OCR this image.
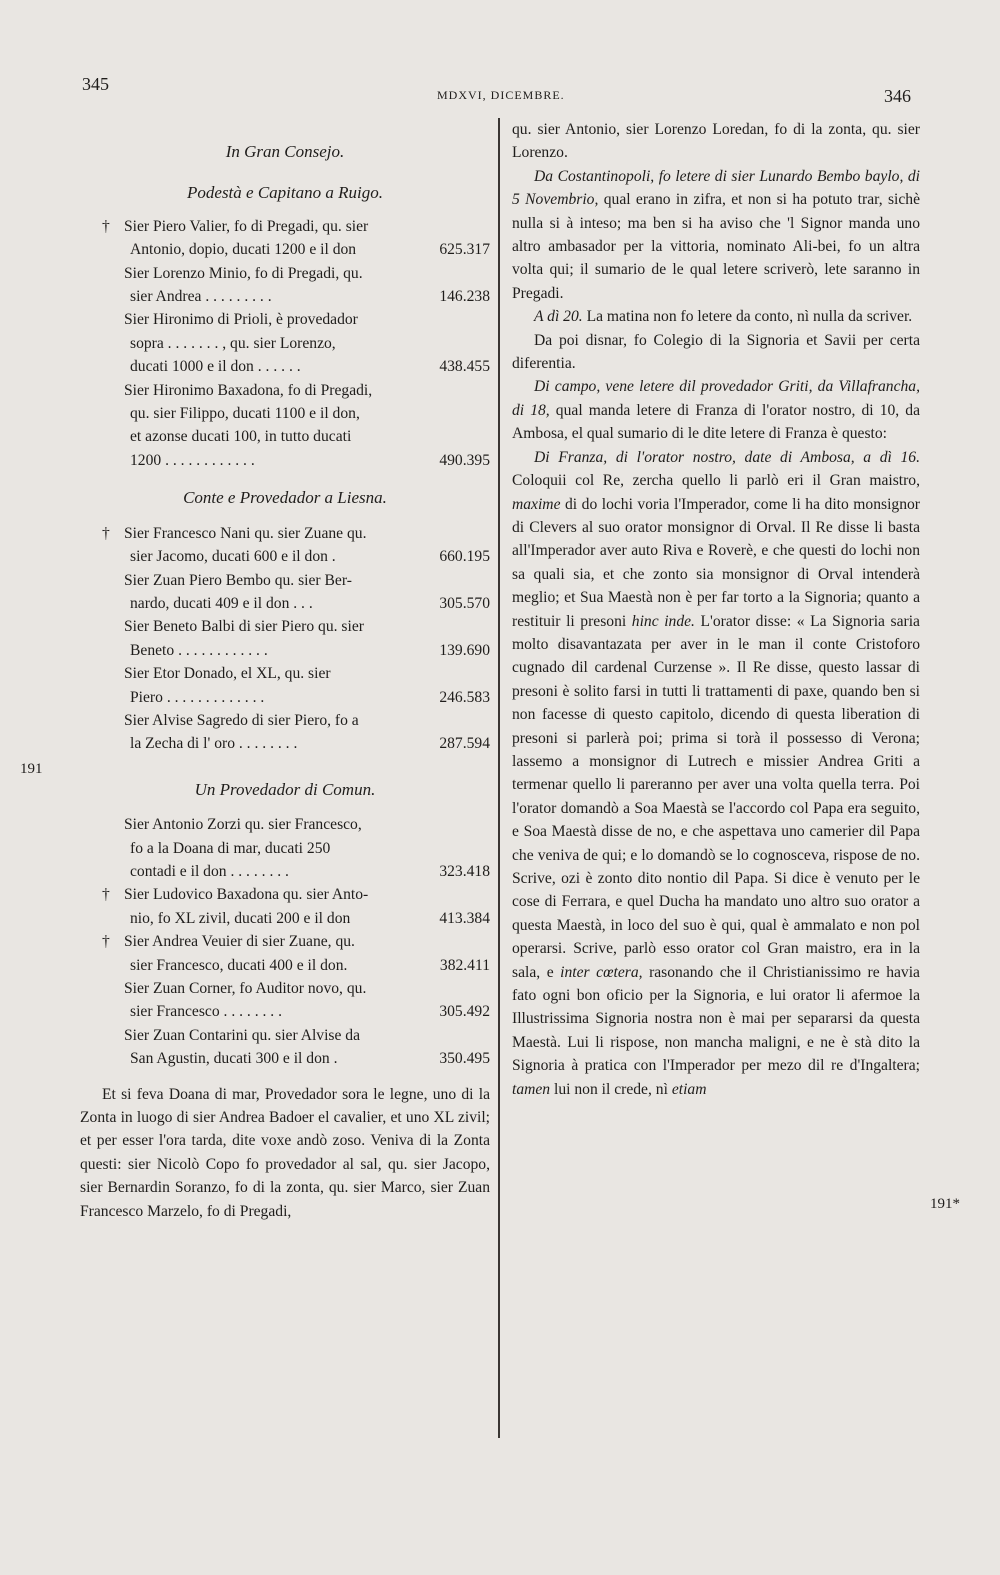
345
MDXVI, DICEMBRE.	346
191
191*

In Gran Consejo.

Podestà e Capitano a Ruigo.

† Sier Piero Valier, fo di Pregadi, qu. sier
Antonio, dopio, ducati 1200 e il don	625.317

Sier Lorenzo Minio, fo di Pregadi, qu.
sier Andrea . . . . . . . . .	146.238

Sier Hironimo di Prioli, è provedador
sopra . . . . . . . , qu. sier Lorenzo,
ducati 1000 e il don . . . . . .	438.455

Sier Hironimo Baxadona, fo di Pregadi,
qu. sier Filippo, ducati 1100 e il don,
et azonse ducati 100, in tutto ducati
1200 . . . . . . . . . . . .	490.395

Conte e Provedador a Liesna.

† Sier Francesco Nani qu. sier Zuane qu.
sier Jacomo, ducati 600 e il don .	660.195

Sier Zuan Piero Bembo qu. sier Ber-
nardo, ducati 409 e il don . . .	305.570

Sier Beneto Balbi di sier Piero qu. sier
Beneto . . . . . . . . . . . .	139.690

Sier Etor Donado, el XL, qu. sier
Piero . . . . . . . . . . . . .	246.583

Sier Alvise Sagredo di sier Piero, fo a
la Zecha di l' oro . . . . . . . .	287.594

Un Provedador di Comun.

Sier Antonio Zorzi qu. sier Francesco,
fo a la Doana di mar, ducati 250
contadi e il don . . . . . . . .	323.418

† Sier Ludovico Baxadona qu. sier Anto-
nio, fo XL zivil, ducati 200 e il don	413.384

† Sier Andrea Veuier di sier Zuane, qu.
sier Francesco, ducati 400 e il don.	382.411

Sier Zuan Corner, fo Auditor novo, qu.
sier Francesco . . . . . . . .	305.492

Sier Zuan Contarini qu. sier Alvise da
San Agustin, ducati 300 e il don .	350.495

Et si feva Doana di mar, Provedador sora le legne, uno di la Zonta in luogo di sier Andrea Badoer el cavalier, et uno XL zivil; et per esser l'ora tarda, dite voxe andò zoso. Veniva di la Zonta questi: sier Nicolò Copo fo provedador al sal, qu. sier Jacopo, sier Bernardin Soranzo, fo di la zonta, qu. sier Marco, sier Zuan Francesco Marzelo, fo di Pregadi,

qu. sier Antonio, sier Lorenzo Loredan, fo di la zonta, qu. sier Lorenzo.

Da Costantinopoli, fo letere di sier Lunardo Bembo baylo, di 5 Novembrio, qual erano in zifra, et non si ha potuto trar, sichè nulla si à inteso; ma ben si ha aviso che 'l Signor manda uno altro ambasador per la vittoria, nominato Ali-bei, fo un altra volta qui; il sumario de le qual letere scriverò, lete saranno in Pregadi.

A dì 20. La matina non fo letere da conto, nì nulla da scriver.

Da poi disnar, fo Colegio di la Signoria et Savii per certa diferentia.

Di campo, vene letere dil provedador Griti, da Villafrancha, di 18, qual manda letere di Franza di l'orator nostro, di 10, da Ambosa, el qual sumario di le dite letere di Franza è questo:

Di Franza, di l'orator nostro, date di Ambosa, a dì 16. Coloquii col Re, zercha quello li parlò eri il Gran maistro, maxime di do lochi voria l'Imperador, come li ha dito monsignor di Clevers al suo orator monsignor di Orval. Il Re disse li basta all'Imperador aver auto Riva e Roverè, e che questi do lochi non sa quali sia, et che zonto sia monsignor di Orval intenderà meglio; et Sua Maestà non è per far torto a la Signoria; quanto a restituir li presoni hinc inde. L'orator disse: « La Signoria saria molto disavantazata per aver in le man il conte Cristoforo cugnado dil cardenal Curzense ». Il Re disse, questo lassar di presoni è solito farsi in tutti li trattamenti di paxe, quando ben si non facesse di questo capitolo, dicendo di questa liberation di presoni si parlerà poi; prima si torà il possesso di Verona; lassemo a monsignor di Lutrech e missier Andrea Griti a termenar quello li pareranno per aver una volta quella terra. Poi l'orator domandò a Soa Maestà se l'accordo col Papa era seguito, e Soa Maestà disse de no, e che aspettava uno camerier dil Papa che veniva de qui; e lo domandò se lo cognosceva, rispose de no. Scrive, ozi è zonto dito nontio dil Papa. Si dice è venuto per le cose di Ferrara, e quel Ducha ha mandato uno altro suo orator a questa Maestà, in loco del suo è qui, qual è ammalato e non pol operarsi. Scrive, parlò esso orator col Gran maistro, era in la sala, e inter cœtera, rasonando che il Christianissimo re havia fato ogni bon oficio per la Signoria, e lui orator li afermoe la Illustrissima Signoria nostra non è mai per separarsi da questa Maestà. Lui li rispose, non mancha maligni, e ne è stà dito la Signoria à pratica con l'Imperador per mezo dil re d'Ingaltera; tamen lui non il crede, nì etiam
